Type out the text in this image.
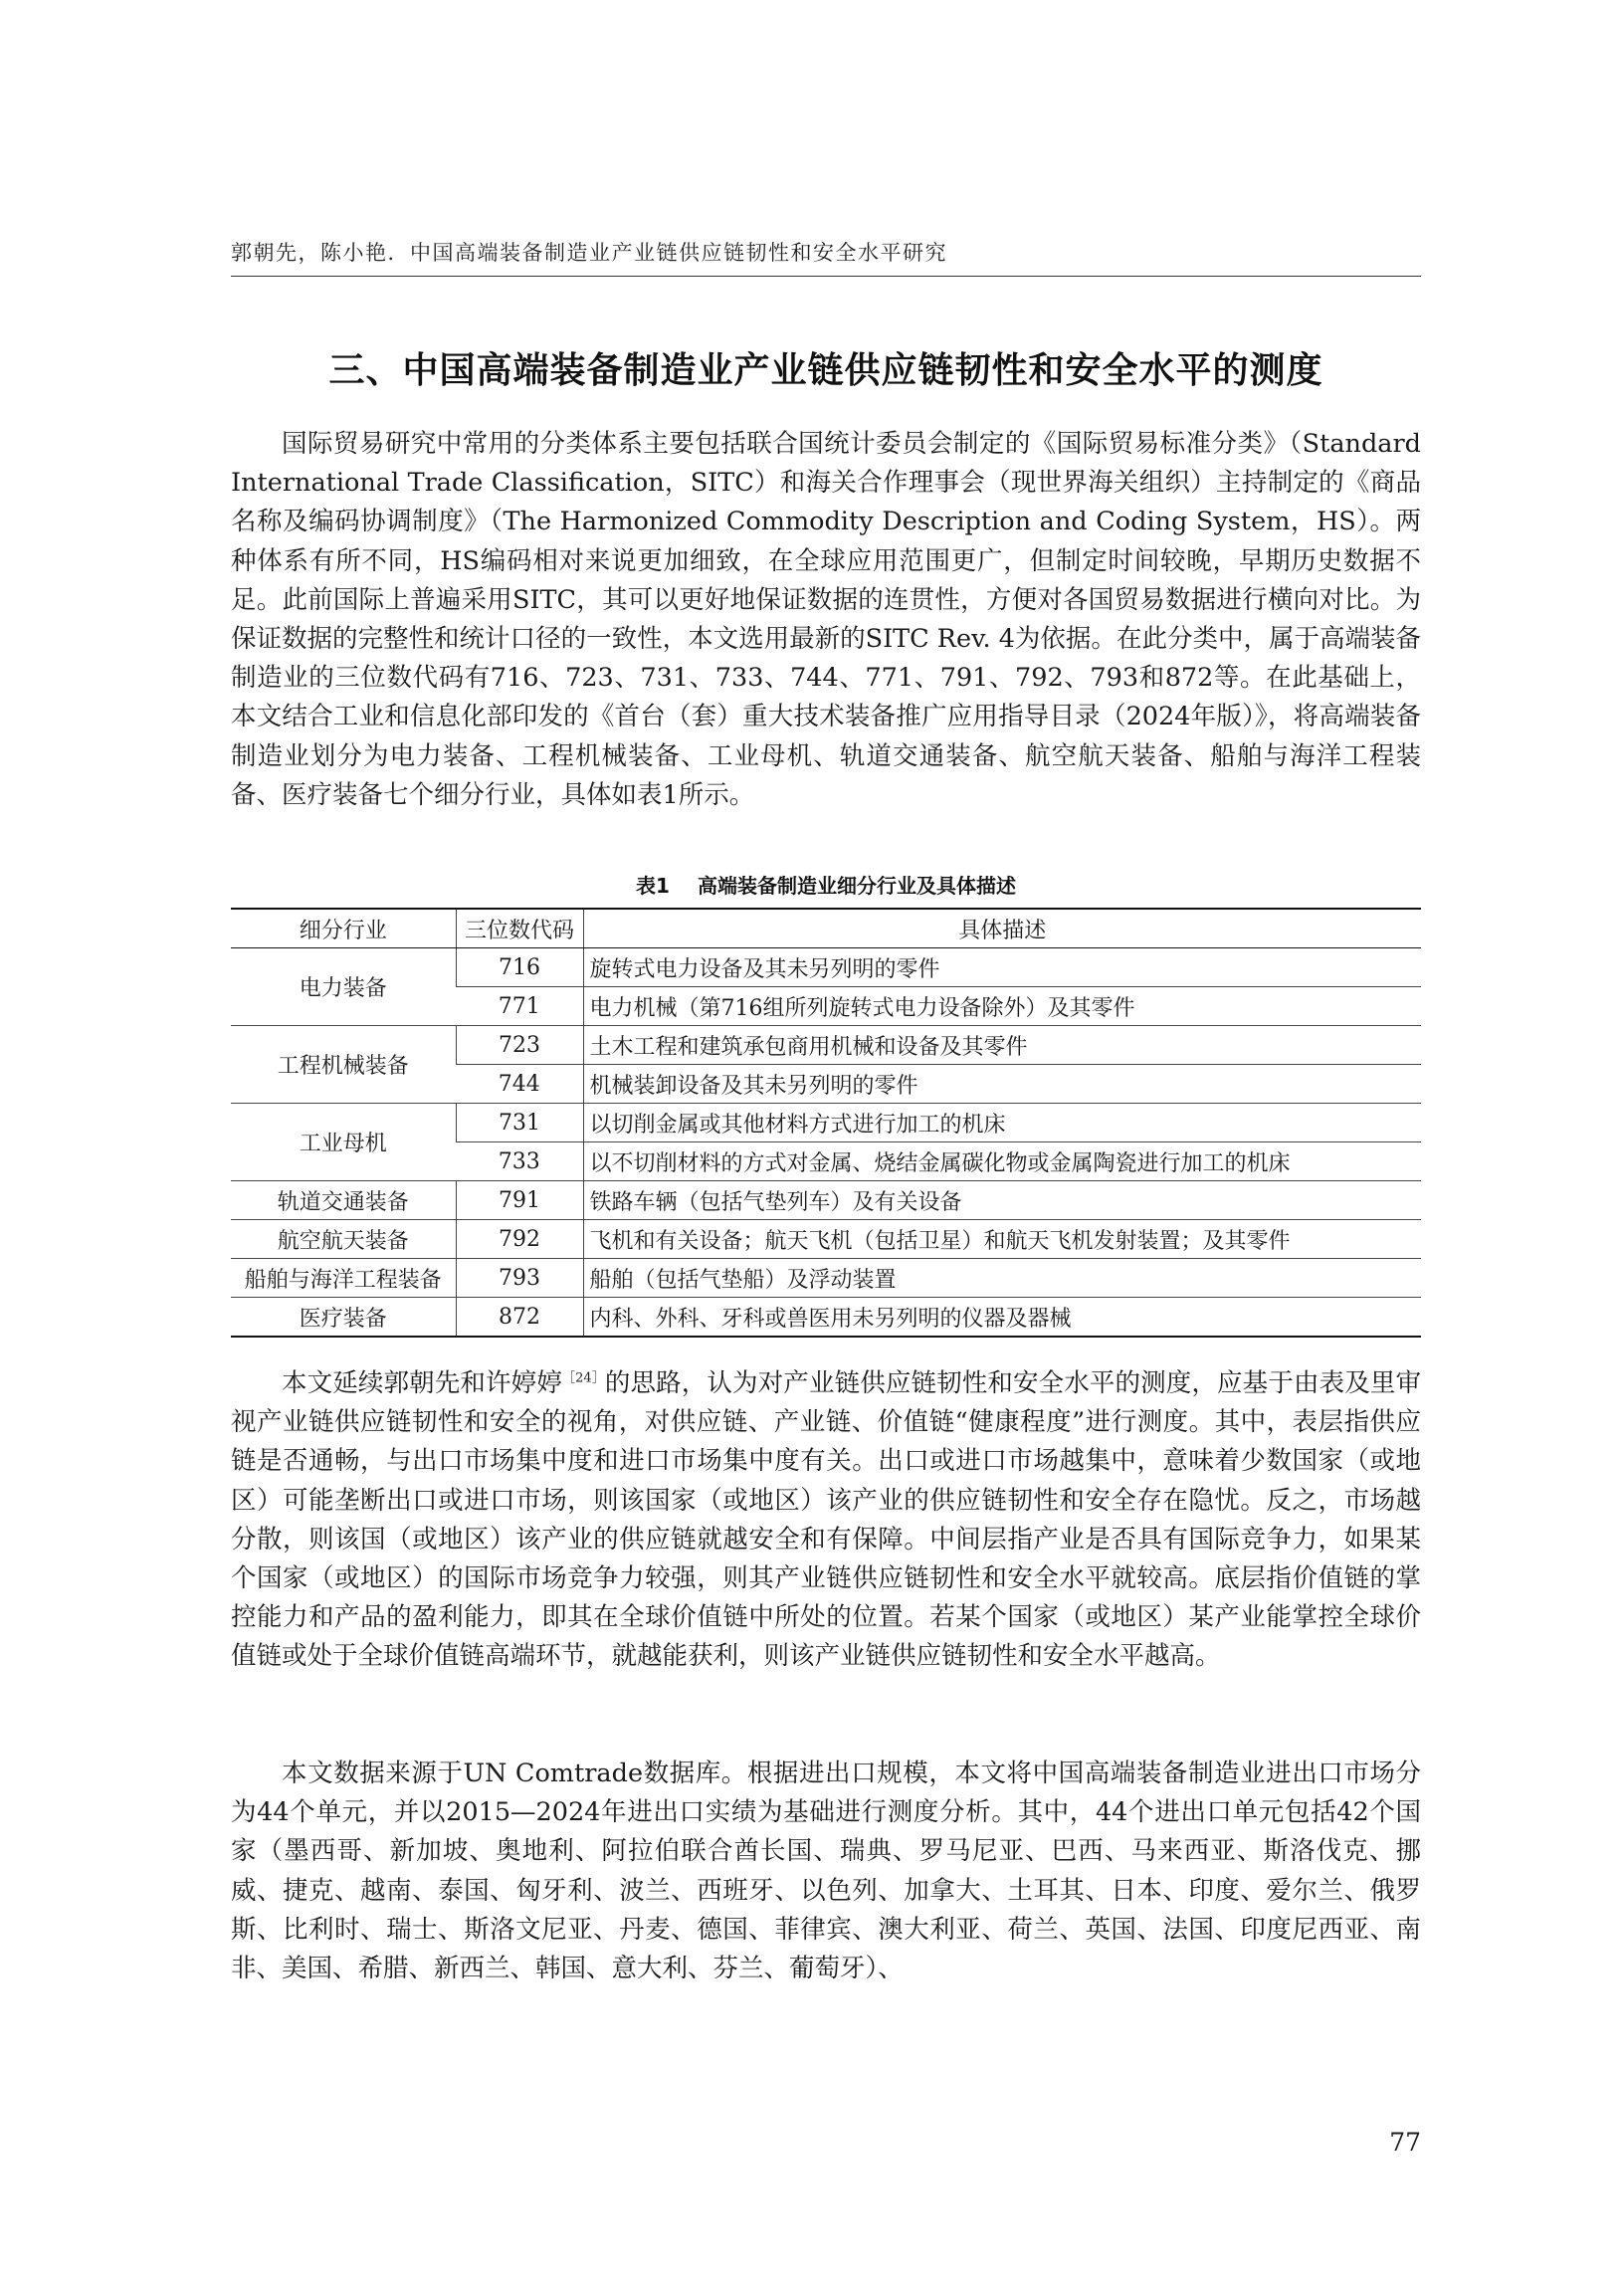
郭朝先，陈小艳．中国高端装备制造业产业链供应链韧性和安全水平研究
三、中国高端装备制造业产业链供应链韧性和安全水平的测度

国际贸易研究中常用的分类体系主要包括联合国统计委员会制定的《国际贸易标准分类》（Standard International Trade Classification，SITC）和海关合作理事会（现世界海关组织）主持制定的《商品名称及编码协调制度》（The Harmonized Commodity Description and Coding System，HS）。两种体系有所不同，HS编码相对来说更加细致，在全球应用范围更广，但制定时间较晚，早期历史数据不足。此前国际上普遍采用SITC，其可以更好地保证数据的连贯性，方便对各国贸易数据进行横向对比。为保证数据的完整性和统计口径的一致性，本文选用最新的SITC Rev. 4为依据。在此分类中，属于高端装备制造业的三位数代码有716、723、731、733、744、771、791、792、793和872等。在此基础上，本文结合工业和信息化部印发的《首台（套）重大技术装备推广应用指导目录（2024年版）》，将高端装备制造业划分为电力装备、工程机械装备、工业母机、轨道交通装备、航空航天装备、船舶与海洋工程装备、医疗装备七个细分行业，具体如表1所示。

表1 高端装备制造业细分行业及具体描述
细分行业	三位数代码	具体描述
电力装备	716	旋转式电力设备及其未另列明的零件
	771	电力机械（第716组所列旋转式电力设备除外）及其零件
工程机械装备	723	土木工程和建筑承包商用机械和设备及其零件
	744	机械装卸设备及其未另列明的零件
工业母机	731	以切削金属或其他材料方式进行加工的机床
	733	以不切削材料的方式对金属、烧结金属碳化物或金属陶瓷进行加工的机床
轨道交通装备	791	铁路车辆（包括气垫列车）及有关设备
航空航天装备	792	飞机和有关设备；航天飞机（包括卫星）和航天飞机发射装置；及其零件
船舶与海洋工程装备	793	船舶（包括气垫船）及浮动装置
医疗装备	872	内科、外科、牙科或兽医用未另列明的仪器及器械

本文延续郭朝先和许婷婷$^{[24]}$的思路，认为对产业链供应链韧性和安全水平的测度，应基于由表及里审视产业链供应链韧性和安全的视角，对供应链、产业链、价值链“健康程度”进行测度。其中，表层指供应链是否通畅，与出口市场集中度和进口市场集中度有关。出口或进口市场越集中，意味着少数国家（或地区）可能垄断出口或进口市场，则该国家（或地区）该产业的供应链韧性和安全存在隐忧。反之，市场越分散，则该国（或地区）该产业的供应链就越安全和有保障。中间层指产业是否具有国际竞争力，如果某个国家（或地区）的国际市场竞争力较强，则其产业链供应链韧性和安全水平就较高。底层指价值链的掌控能力和产品的盈利能力，即其在全球价值链中所处的位置。若某个国家（或地区）某产业能掌控全球价值链或处于全球价值链高端环节，就越能获利，则该产业链供应链韧性和安全水平越高。

本文数据来源于UN Comtrade数据库。根据进出口规模，本文将中国高端装备制造业进出口市场分为44个单元，并以2015—2024年进出口实绩为基础进行测度分析。其中，44个进出口单元包括42个国家（墨西哥、新加坡、奥地利、阿拉伯联合酋长国、瑞典、罗马尼亚、巴西、马来西亚、斯洛伐克、挪威、捷克、越南、泰国、匈牙利、波兰、西班牙、以色列、加拿大、土耳其、日本、印度、爱尔兰、俄罗斯、比利时、瑞士、斯洛文尼亚、丹麦、德国、菲律宾、澳大利亚、荷兰、英国、法国、印度尼西亚、南非、美国、希腊、新西兰、韩国、意大利、芬兰、葡萄牙）、

77
